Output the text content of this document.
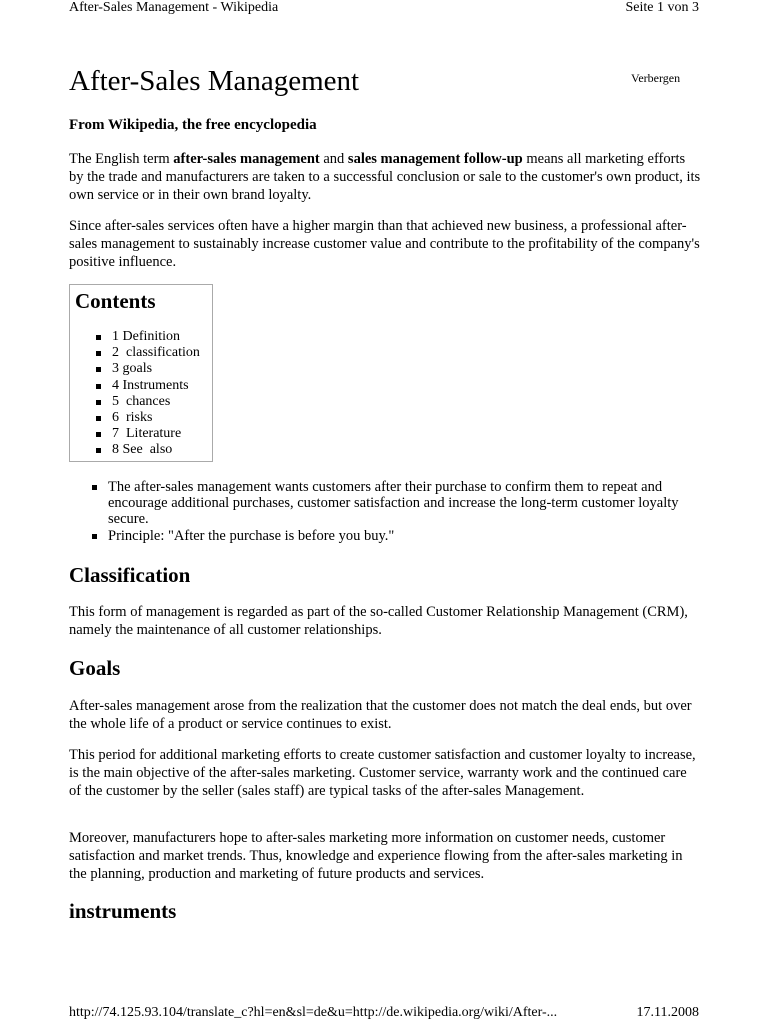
After-Sales Management - Wikipedia	Seite 1 von 3
After-Sales Management	Verbergen
From Wikipedia, the free encyclopedia

The English term after-sales management and sales management follow-up means all marketing efforts by the trade and manufacturers are taken to a successful conclusion or sale to the customer's own product, its own service or in their own brand loyalty.

Since after-sales services often have a higher margin than that achieved new business, a professional after-sales management to sustainably increase customer value and contribute to the profitability of the company's positive influence.

Contents
1 Definition
2  classification
3 goals
4 Instruments
5  chances
6  risks
7  Literature
8 See  also
The after-sales management wants customers after their purchase to confirm them to repeat and encourage additional purchases, customer satisfaction and increase the long-term customer loyalty secure.
Principle: "After the purchase is before you buy."
Classification

This form of management is regarded as part of the so-called Customer Relationship Management (CRM), namely the maintenance of all customer relationships.

Goals

After-sales management arose from the realization that the customer does not match the deal ends, but over the whole life of a product or service continues to exist.

This period for additional marketing efforts to create customer satisfaction and customer loyalty to increase, is the main objective of the after-sales marketing. Customer service, warranty work and the continued care of the customer by the seller (sales staff) are typical tasks of the after-sales Management.

Moreover, manufacturers hope to after-sales marketing more information on customer needs, customer satisfaction and market trends. Thus, knowledge and experience flowing from the after-sales marketing in the planning, production and marketing of future products and services.

instruments
http://74.125.93.104/translate_c?hl=en&sl=de&u=http://de.wikipedia.org/wiki/After-...	17.11.2008
